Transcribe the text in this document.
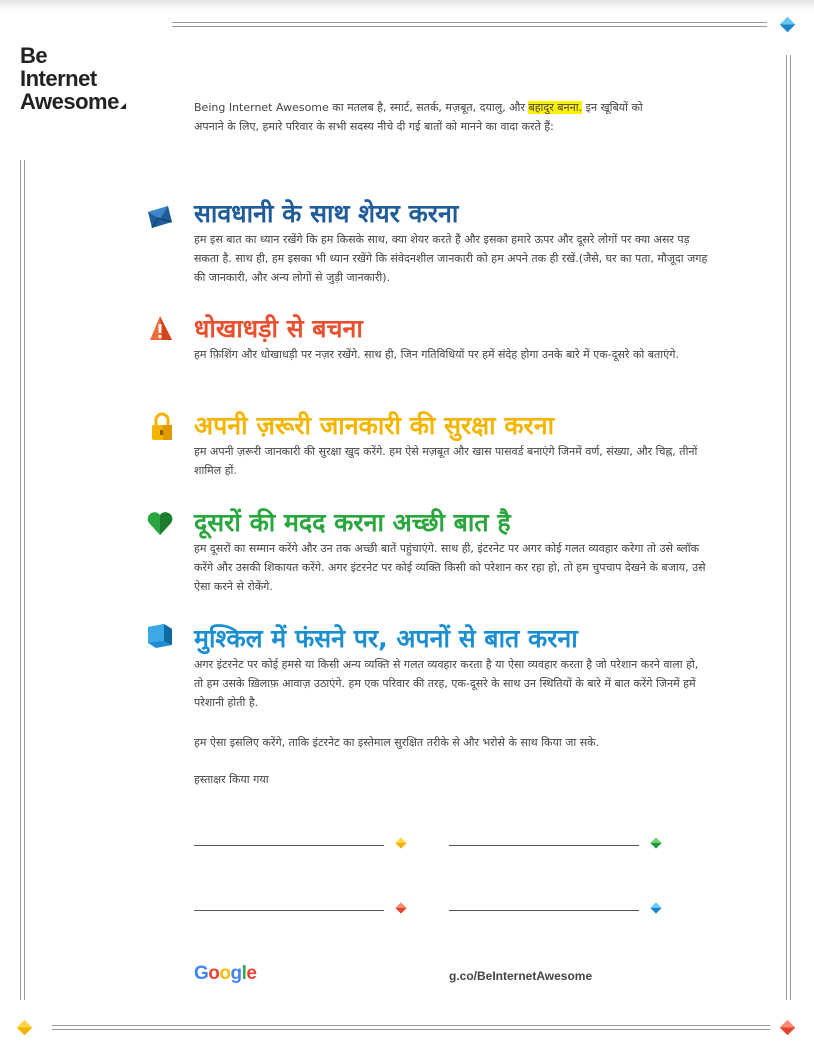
Be
Internet
Awesome	Being Internet Awesome का मतलब है, स्मार्ट, सतर्क, मज़बूत, दयालु, और बहादुर बनना. इन खूबियों को अपनाने के लिए, हमारे परिवार के सभी सदस्य नीचे दी गई बातों को मानने का वादा करते हैं:
सावधानी के साथ शेयर करना

हम इस बात का ध्यान रखेंगे कि हम किसके साथ, क्या शेयर करते हैं और इसका हमारे ऊपर और दूसरे लोगों पर क्या असर पड़ सकता है. साथ ही, हम इसका भी ध्यान रखेंगे कि संवेदनशील जानकारी को हम अपने तक ही रखें.(जैसे, घर का पता, मौजूदा जगह की जानकारी, और अन्य लोगों से जुड़ी जानकारी).

धोखाधड़ी से बचना

हम फ़िशिंग और धोखाधड़ी पर नज़र रखेंगे. साथ ही, जिन गतिविधियों पर हमें संदेह होगा उनके बारे में एक-दूसरे को बताएंगे.

अपनी ज़रूरी जानकारी की सुरक्षा करना

हम अपनी ज़रूरी जानकारी की सुरक्षा खुद करेंगे. हम ऐसे मज़बूत और खास पासवर्ड बनाएंगे जिनमें वर्ण, संख्या, और चिह्न, तीनों शामिल हों.

दूसरों की मदद करना अच्छी बात है

हम दूसरों का सम्मान करेंगे और उन तक अच्छी बातें पहुंचाएंगे. साथ ही, इंटरनेट पर अगर कोई गलत व्यवहार करेगा तो उसे ब्लॉक करेंगे और उसकी शिकायत करेंगे. अगर इंटरनेट पर कोई व्यक्ति किसी को परेशान कर रहा हो, तो हम चुपचाप देखने के बजाय, उसे ऐसा करने से रोकेंगे.

मुश्किल में फंसने पर, अपनों से बात करना

अगर इंटरनेट पर कोई हमसे या किसी अन्य व्यक्ति से गलत व्यवहार करता है या ऐसा व्यवहार करता है जो परेशान करने वाला हो, तो हम उसके ख़िलाफ़ आवाज़ उठाएंगे. हम एक परिवार की तरह, एक-दूसरे के साथ उन स्थितियों के बारे में बात करेंगे जिनमें हमें परेशानी होती है.

हम ऐसा इसलिए करेंगे, ताकि इंटरनेट का इस्तेमाल सुरक्षित तरीके से और भरोसे के साथ किया जा सके.
हस्ताक्षर किया गया
Google	g.co/BeInternetAwesome
